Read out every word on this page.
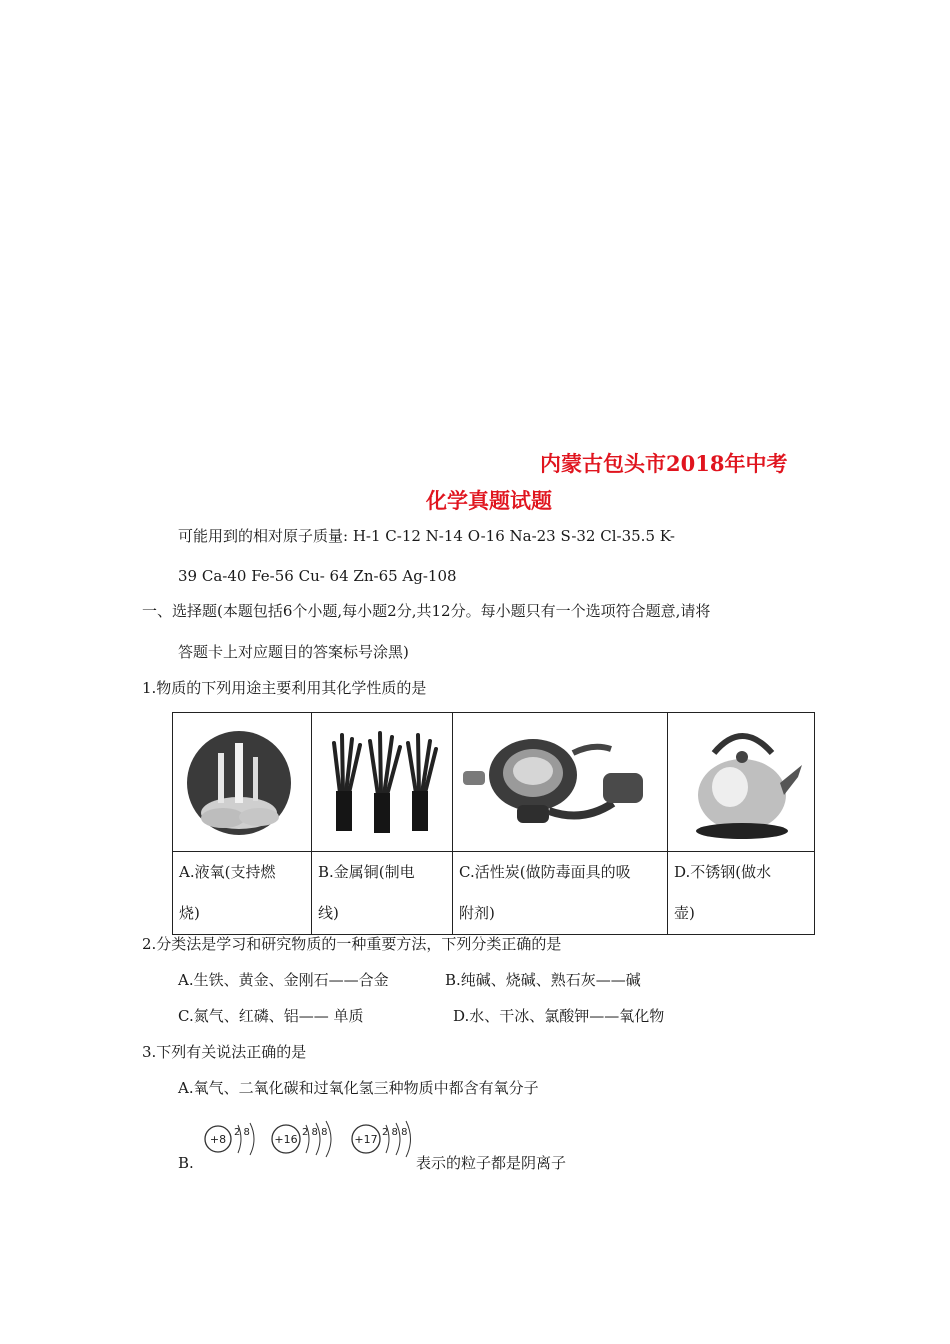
内蒙古包头市2018年中考
化学真题试题
可能用到的相对原子质量: H-1 C-12 N-14 O-16 Na-23 S-32 Cl-35.5 K-
39 Ca-40 Fe-56 Cu- 64 Zn-65 Ag-108
一、选择题(本题包括6个小题,每小题2分,共12分。每小题只有一个选项符合题意,请将
答题卡上对应题目的答案标号涂黑)
1.物质的下列用途主要利用其化学性质的是

A.液氧(支持燃
烧)	B.金属铜(制电
线)	C.活性炭(做防毒面具的吸
附剂)	D.不锈钢(做水
壶)
2.分类法是学习和研究物质的一种重要方法，下列分类正确的是
A.生铁、黄金、金刚石——合金	B.纯碱、烧碱、熟石灰——碱
C.氮气、红磷、铝—— 单质	D.水、干冰、氯酸钾——氧化物
3.下列有关说法正确的是
A.氧气、二氧化碳和过氧化氢三种物质中都含有氧分子
B.
+8
2 8
+16
2 8 8
+17
2 8 8
表示的粒子都是阴离子
